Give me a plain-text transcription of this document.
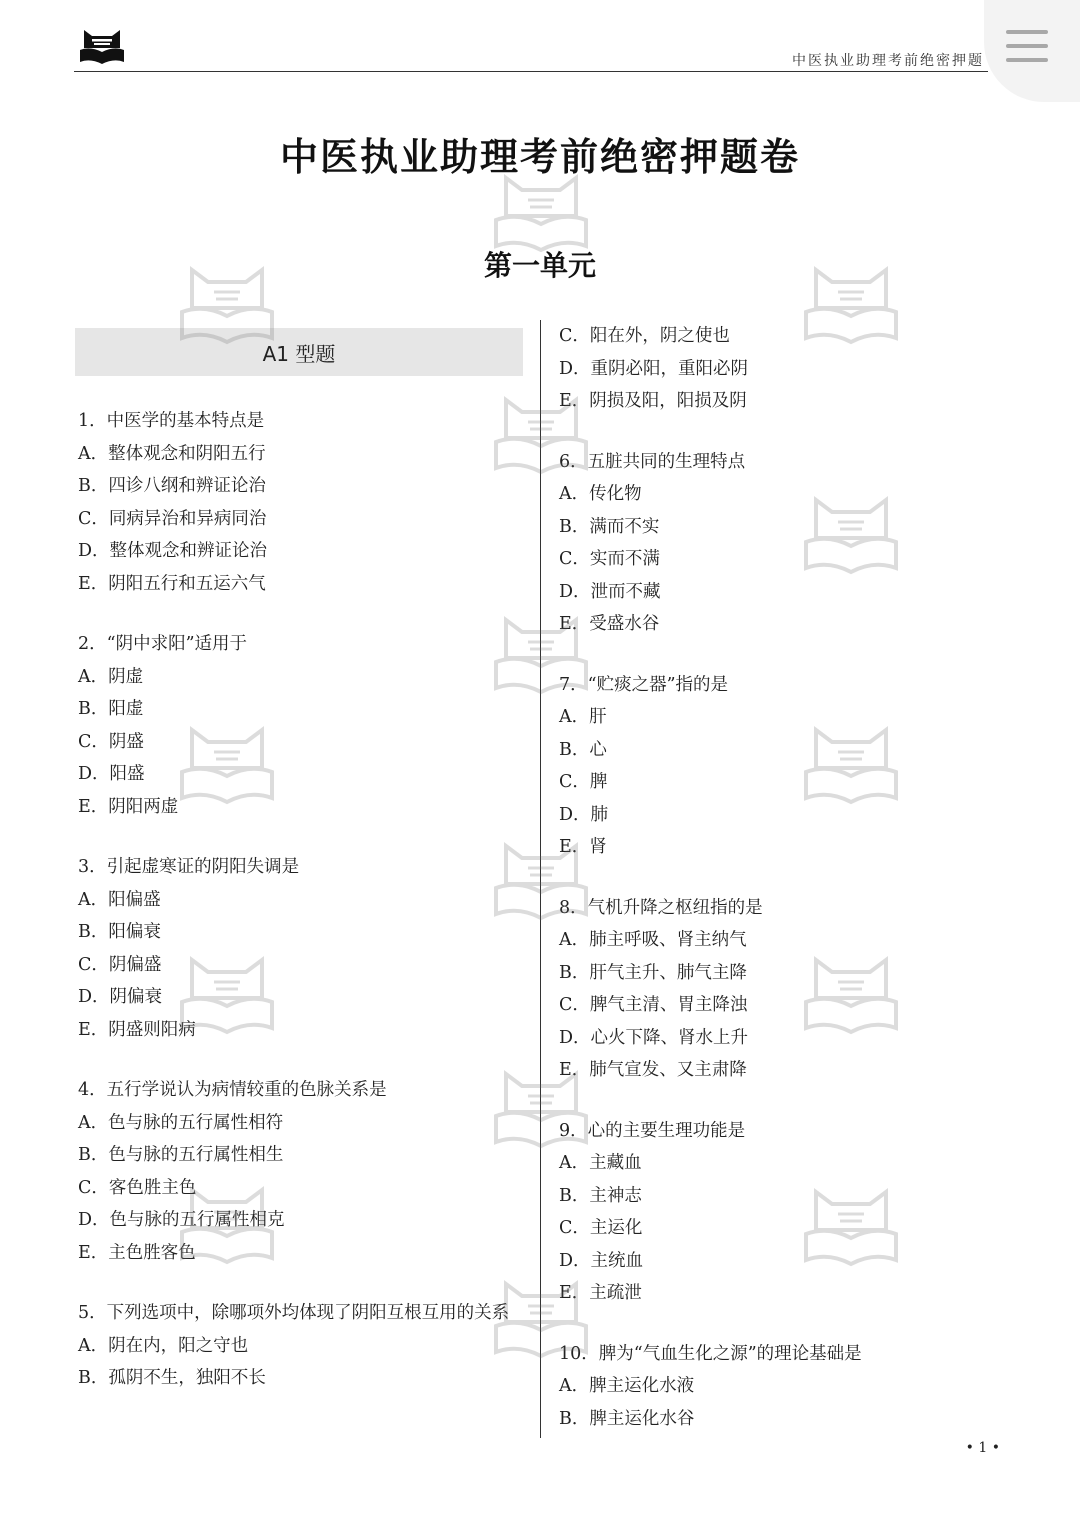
中医执业助理考前绝密押题
中医执业助理考前绝密押题卷
第一单元
A1 型题
1．中医学的基本特点是
A．整体观念和阴阳五行
B．四诊八纲和辨证论治
C．同病异治和异病同治
D．整体观念和辨证论治
E．阴阳五行和五运六气
2．“阴中求阳”适用于
A．阴虚
B．阳虚
C．阴盛
D．阳盛
E．阴阳两虚
3．引起虚寒证的阴阳失调是
A．阳偏盛
B．阳偏衰
C．阴偏盛
D．阴偏衰
E．阴盛则阳病
4．五行学说认为病情较重的色脉关系是
A．色与脉的五行属性相符
B．色与脉的五行属性相生
C．客色胜主色
D．色与脉的五行属性相克
E．主色胜客色
5．下列选项中，除哪项外均体现了阴阳互根互用的关系
A．阴在内，阳之守也
B．孤阴不生，独阳不长
C．阳在外，阴之使也
D．重阴必阳，重阳必阴
E．阴损及阳，阳损及阴
6．五脏共同的生理特点
A．传化物
B．满而不实
C．实而不满
D．泄而不藏
E．受盛水谷
7．“贮痰之器”指的是
A．肝
B．心
C．脾
D．肺
E．肾
8．气机升降之枢纽指的是
A．肺主呼吸、肾主纳气
B．肝气主升、肺气主降
C．脾气主清、胃主降浊
D．心火下降、肾水上升
E．肺气宣发、又主肃降
9．心的主要生理功能是
A．主藏血
B．主神志
C．主运化
D．主统血
E．主疏泄
10．脾为“气血生化之源”的理论基础是
A．脾主运化水液
B．脾主运化水谷
• 1 •
